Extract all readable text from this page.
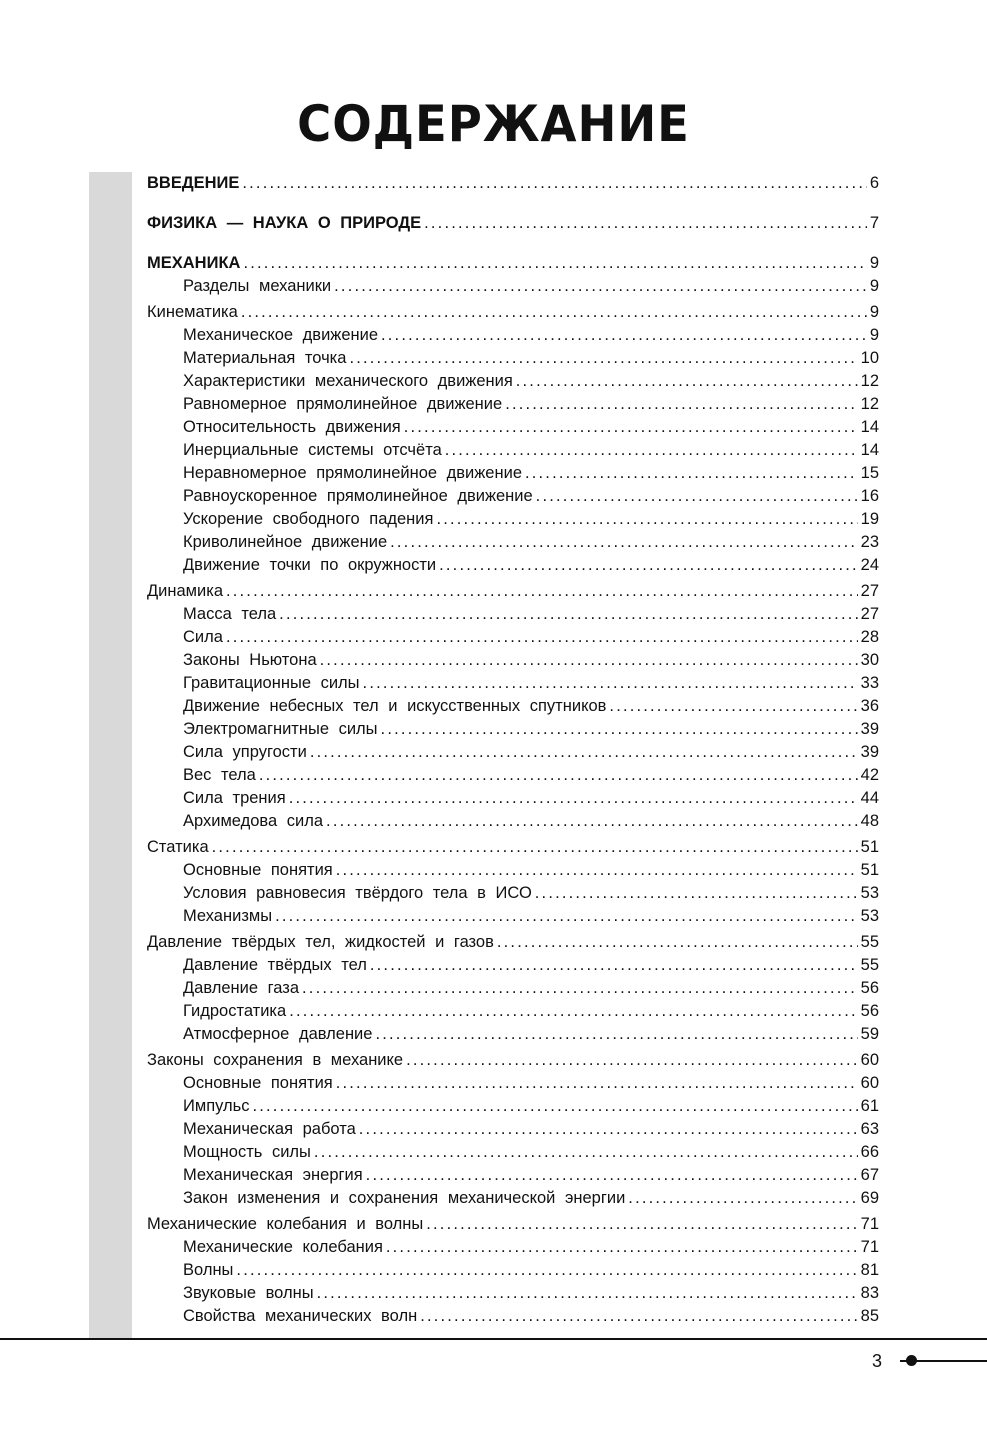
СОДЕРЖАНИЕ
ВВЕДЕНИЕ . . .	6
ФИЗИКА — НАУКА О ПРИРОДЕ . . .	7
МЕХАНИКА . . .	9
Разделы механики . . .	9
Кинематика . . .	9
Механическое движение . . .	9
Материальная точка . . .	10
Характеристики механического движения . . .	12
Равномерное прямолинейное движение . . .	12
Относительность движения . . .	14
Инерциальные системы отсчёта . . .	14
Неравномерное прямолинейное движение . . .	15
Равноускоренное прямолинейное движение . . .	16
Ускорение свободного падения . . .	19
Криволинейное движение . . .	23
Движение точки по окружности . . .	24
Динамика . . .	27
Масса тела . . .	27
Сила . . .	28
Законы Ньютона . . .	30
Гравитационные силы . . .	33
Движение небесных тел и искусственных спутников . . .	36
Электромагнитные силы . . .	39
Сила упругости . . .	39
Вес тела . . .	42
Сила трения . . .	44
Архимедова сила . . .	48
Статика . . .	51
Основные понятия . . .	51
Условия равновесия твёрдого тела в ИСО . . .	53
Механизмы . . .	53
Давление твёрдых тел, жидкостей и газов . . .	55
Давление твёрдых тел . . .	55
Давление газа . . .	56
Гидростатика . . .	56
Атмосферное давление . . .	59
Законы сохранения в механике . . .	60
Основные понятия . . .	60
Импульс . . .	61
Механическая работа . . .	63
Мощность силы . . .	66
Механическая энергия . . .	67
Закон изменения и сохранения механической энергии . . .	69
Механические колебания и волны . . .	71
Механические колебания . . .	71
Волны . . .	81
Звуковые волны . . .	83
Свойства механических волн . . .	85
3
